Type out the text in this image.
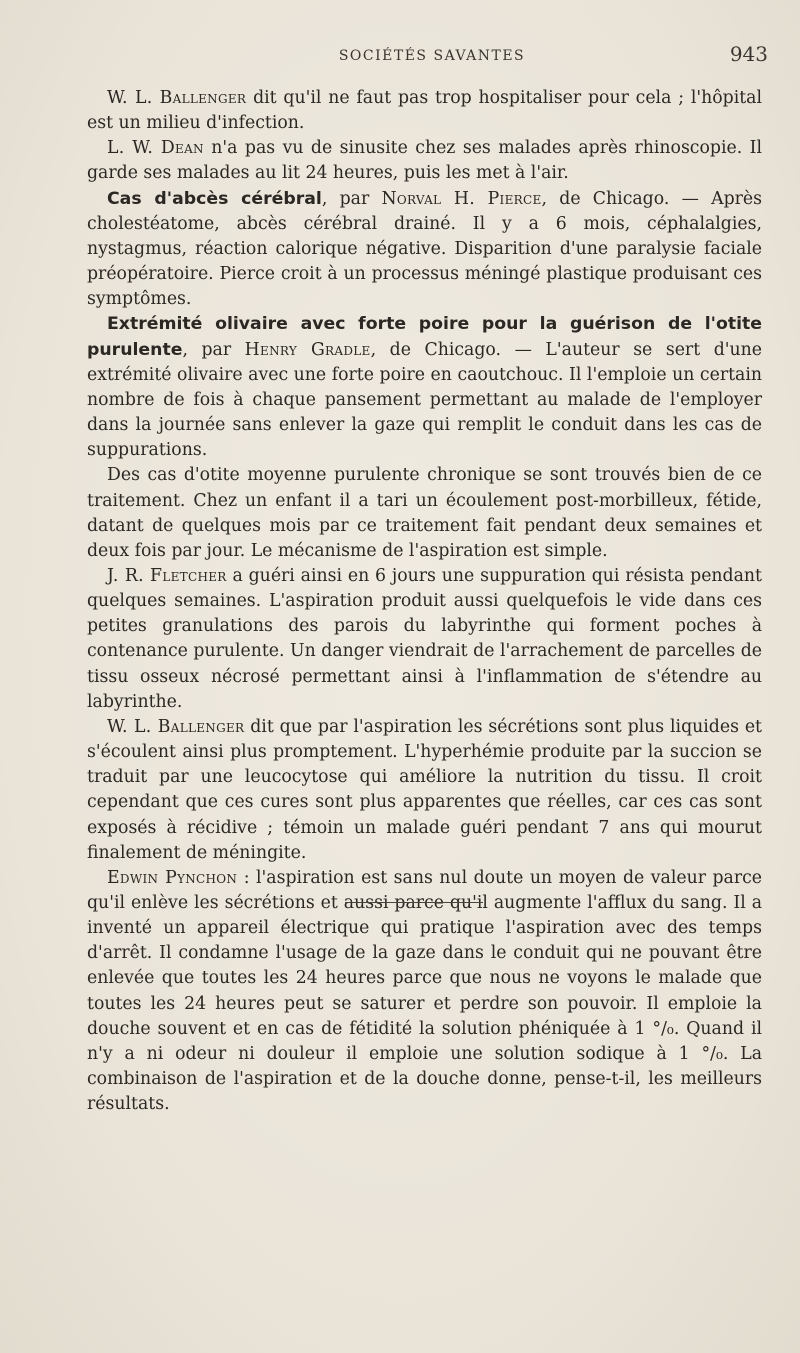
SOCIÉTÉS SAVANTES	943

W. L. Ballenger dit qu'il ne faut pas trop hospitaliser pour cela ; l'hôpital est un milieu d'infection.

L. W. Dean n'a pas vu de sinusite chez ses malades après rhinoscopie. Il garde ses malades au lit 24 heures, puis les met à l'air.

Cas d'abcès cérébral, par Norval H. Pierce, de Chicago. — Après cholestéatome, abcès cérébral drainé. Il y a 6 mois, céphalalgies, nystagmus, réaction calorique négative. Disparition d'une paralysie faciale préopératoire. Pierce croit à un processus méningé plastique produisant ces symptômes.

Extrémité olivaire avec forte poire pour la guérison de l'otite purulente, par Henry Gradle, de Chicago. — L'auteur se sert d'une extrémité olivaire avec une forte poire en caoutchouc. Il l'emploie un certain nombre de fois à chaque pansement permettant au malade de l'employer dans la journée sans enlever la gaze qui remplit le conduit dans les cas de suppurations.

Des cas d'otite moyenne purulente chronique se sont trouvés bien de ce traitement. Chez un enfant il a tari un écoulement post-morbilleux, fétide, datant de quelques mois par ce traitement fait pendant deux semaines et deux fois par jour. Le mécanisme de l'aspiration est simple.

J. R. Fletcher a guéri ainsi en 6 jours une suppuration qui résista pendant quelques semaines. L'aspiration produit aussi quelquefois le vide dans ces petites granulations des parois du labyrinthe qui forment poches à contenance purulente. Un danger viendrait de l'arrachement de parcelles de tissu osseux nécrosé permettant ainsi à l'inflammation de s'étendre au labyrinthe.

W. L. Ballenger dit que par l'aspiration les sécrétions sont plus liquides et s'écoulent ainsi plus promptement. L'hyperhémie produite par la succion se traduit par une leucocytose qui améliore la nutrition du tissu. Il croit cependant que ces cures sont plus apparentes que réelles, car ces cas sont exposés à récidive ; témoin un malade guéri pendant 7 ans qui mourut finalement de méningite.

Edwin Pynchon : l'aspiration est sans nul doute un moyen de valeur parce qu'il enlève les sécrétions et aussi parce qu'il augmente l'afflux du sang. Il a inventé un appareil électrique qui pratique l'aspiration avec des temps d'arrêt. Il condamne l'usage de la gaze dans le conduit qui ne pouvant être enlevée que toutes les 24 heures parce que nous ne voyons le malade que toutes les 24 heures peut se saturer et perdre son pouvoir. Il emploie la douche souvent et en cas de fétidité la solution phéniquée à 1 °/₀. Quand il n'y a ni odeur ni douleur il emploie une solution sodique à 1 °/₀. La combinaison de l'aspiration et de la douche donne, pense-t-il, les meilleurs résultats.
